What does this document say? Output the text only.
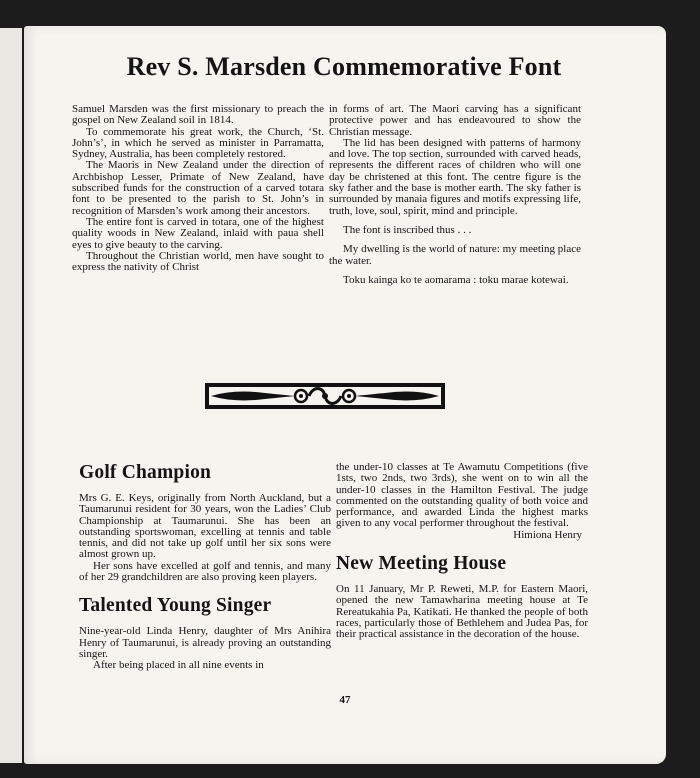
Rev S. Marsden Commemorative Font

Samuel Marsden was the first missionary to preach the gospel on New Zealand soil in 1814.

To commemorate his great work, the Church, ‘St. John’s’, in which he served as minister in Parramatta, Sydney, Australia, has been completely restored.

The Maoris in New Zealand under the direction of Archbishop Lesser, Primate of New Zealand, have subscribed funds for the construction of a carved totara font to be presented to the parish to St. John’s in recognition of Marsden’s work among their ancestors.

The entire font is carved in totara, one of the highest quality woods in New Zealand, inlaid with paua shell eyes to give beauty to the carving.

Throughout the Christian world, men have sought to express the nativity of Christ

in forms of art. The Maori carving has a significant protective power and has endeavoured to show the Christian message.

The lid has been designed with patterns of harmony and love. The top section, surrounded with carved heads, represents the different races of children who will one day be christened at this font. The centre figure is the sky father and the base is mother earth. The sky father is surrounded by manaia figures and motifs expressing life, truth, love, soul, spirit, mind and principle.

The font is inscribed thus . . .

My dwelling is the world of nature: my meeting place the water.

Toku kainga ko te aomarama : toku marae kotewai.

Golf Champion

Mrs G. E. Keys, originally from North Auckland, but a Taumarunui resident for 30 years, won the Ladies’ Club Championship at Taumarunui. She has been an outstanding sportswoman, excelling at tennis and table tennis, and did not take up golf until her six sons were almost grown up.

Her sons have excelled at golf and tennis, and many of her 29 grandchildren are also proving keen players.

Talented Young Singer

Nine-year-old Linda Henry, daughter of Mrs Anihira Henry of Taumarunui, is already proving an outstanding singer.

After being placed in all nine events in

the under-10 classes at Te Awamutu Competitions (five 1sts, two 2nds, two 3rds), she went on to win all the under-10 classes in the Hamilton Festival. The judge commented on the outstanding quality of both voice and performance, and awarded Linda the highest marks given to any vocal performer throughout the festival.

Himiona Henry

New Meeting House

On 11 January, Mr P. Reweti, M.P. for Eastern Maori, opened the new Tamawharina meeting house at Te Rereatukahia Pa, Katikati. He thanked the people of both races, particularly those of Bethlehem and Judea Pas, for their practical assistance in the decoration of the house.

47
